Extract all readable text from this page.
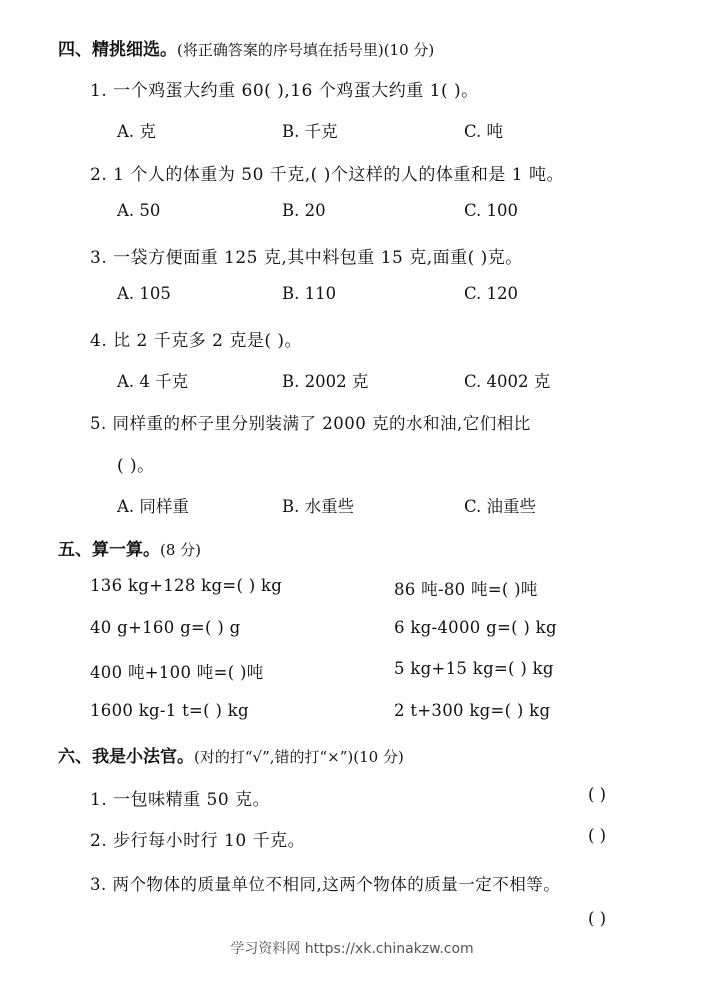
四、精挑细选。(将正确答案的序号填在括号里)(10 分)
1. 一个鸡蛋大约重 60( ),16 个鸡蛋大约重 1( )。
A. 克	B. 千克	C. 吨
2. 1 个人的体重为 50 千克,( )个这样的人的体重和是 1 吨。
A. 50	B. 20	C. 100
3. 一袋方便面重 125 克,其中料包重 15 克,面重( )克。
A. 105	B. 110	C. 120
4. 比 2 千克多 2 克是( )。
A. 4 千克	B. 2002 克	C. 4002 克
5. 同样重的杯子里分别装满了 2000 克的水和油,它们相比
( )。
A. 同样重	B. 水重些	C. 油重些
五、算一算。(8 分)
136 kg+128 kg=( ) kg	86 吨-80 吨=( )吨
40 g+160 g=( ) g	6 kg-4000 g=( ) kg
400 吨+100 吨=( )吨	5 kg+15 kg=( ) kg
1600 kg-1 t=( ) kg	2 t+300 kg=( ) kg
六、我是小法官。(对的打“√”,错的打“×”)(10 分)
1. 一包味精重 50 克。	( )
2. 步行每小时行 10 千克。	( )
3. 两个物体的质量单位不相同,这两个物体的质量一定不相等。
( )
学习资料网 https://xk.chinakzw.com
